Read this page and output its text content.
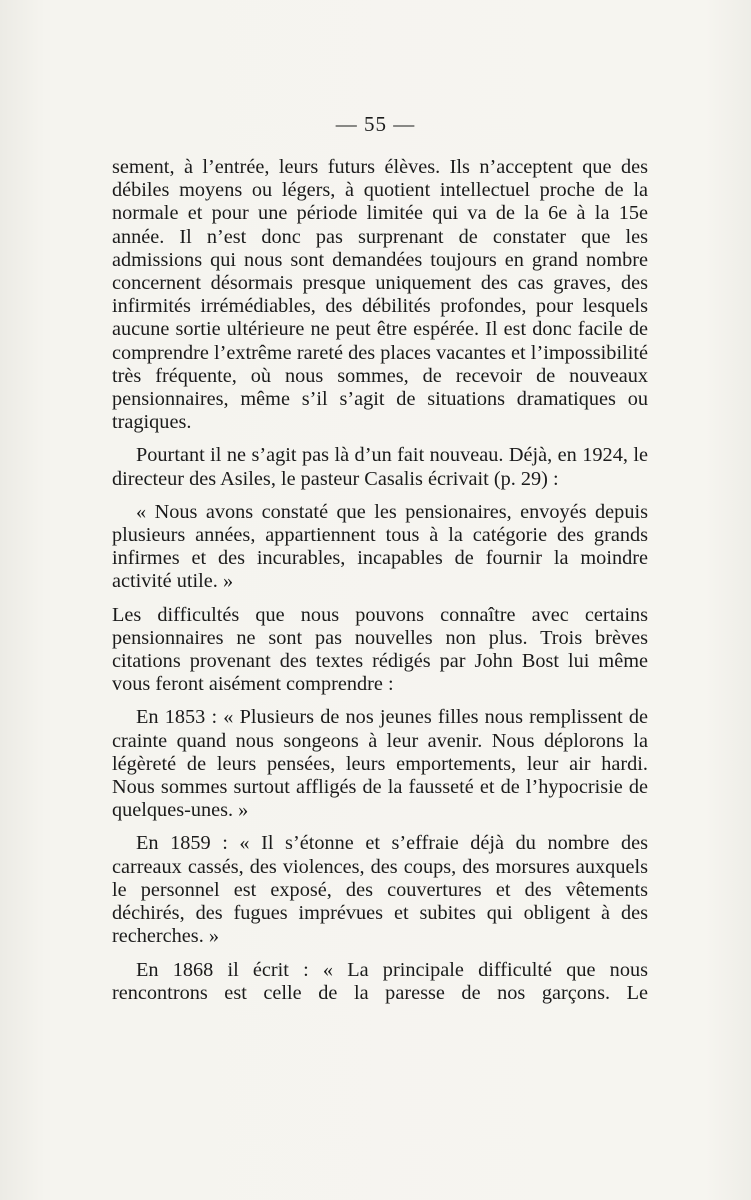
— 55 —

sement, à l’entrée, leurs futurs élèves. Ils n’acceptent que des débiles moyens ou légers, à quotient intellectuel proche de la normale et pour une période limitée qui va de la 6e à la 15e année. Il n’est donc pas surprenant de constater que les admissions qui nous sont demandées toujours en grand nombre concernent désormais presque uniquement des cas graves, des infirmités irrémédiables, des débilités profondes, pour lesquels aucune sortie ultérieure ne peut être espérée. Il est donc facile de comprendre l’extrême rareté des places vacantes et l’impossibilité très fréquente, où nous sommes, de recevoir de nouveaux pensionnaires, même s’il s’agit de situations dramatiques ou tragiques.

Pourtant il ne s’agit pas là d’un fait nouveau. Déjà, en 1924, le directeur des Asiles, le pasteur Casalis écrivait (p. 29) :

« Nous avons constaté que les pensionaires, envoyés depuis plusieurs années, appartiennent tous à la catégorie des grands infirmes et des incurables, incapables de fournir la moindre activité utile. »

Les difficultés que nous pouvons connaître avec certains pensionnaires ne sont pas nouvelles non plus. Trois brèves citations provenant des textes rédigés par John Bost lui même vous feront aisément comprendre :

En 1853 : « Plusieurs de nos jeunes filles nous remplissent de crainte quand nous songeons à leur avenir. Nous déplorons la légèreté de leurs pensées, leurs emportements, leur air hardi. Nous sommes surtout affligés de la fausseté et de l’hypocrisie de quelques-unes. »

En 1859 : « Il s’étonne et s’effraie déjà du nombre des carreaux cassés, des violences, des coups, des morsures auxquels le personnel est exposé, des couvertures et des vêtements déchirés, des fugues imprévues et subites qui obligent à des recherches. »

En 1868 il écrit : « La principale difficulté que nous rencontrons est celle de la paresse de nos garçons. Le
